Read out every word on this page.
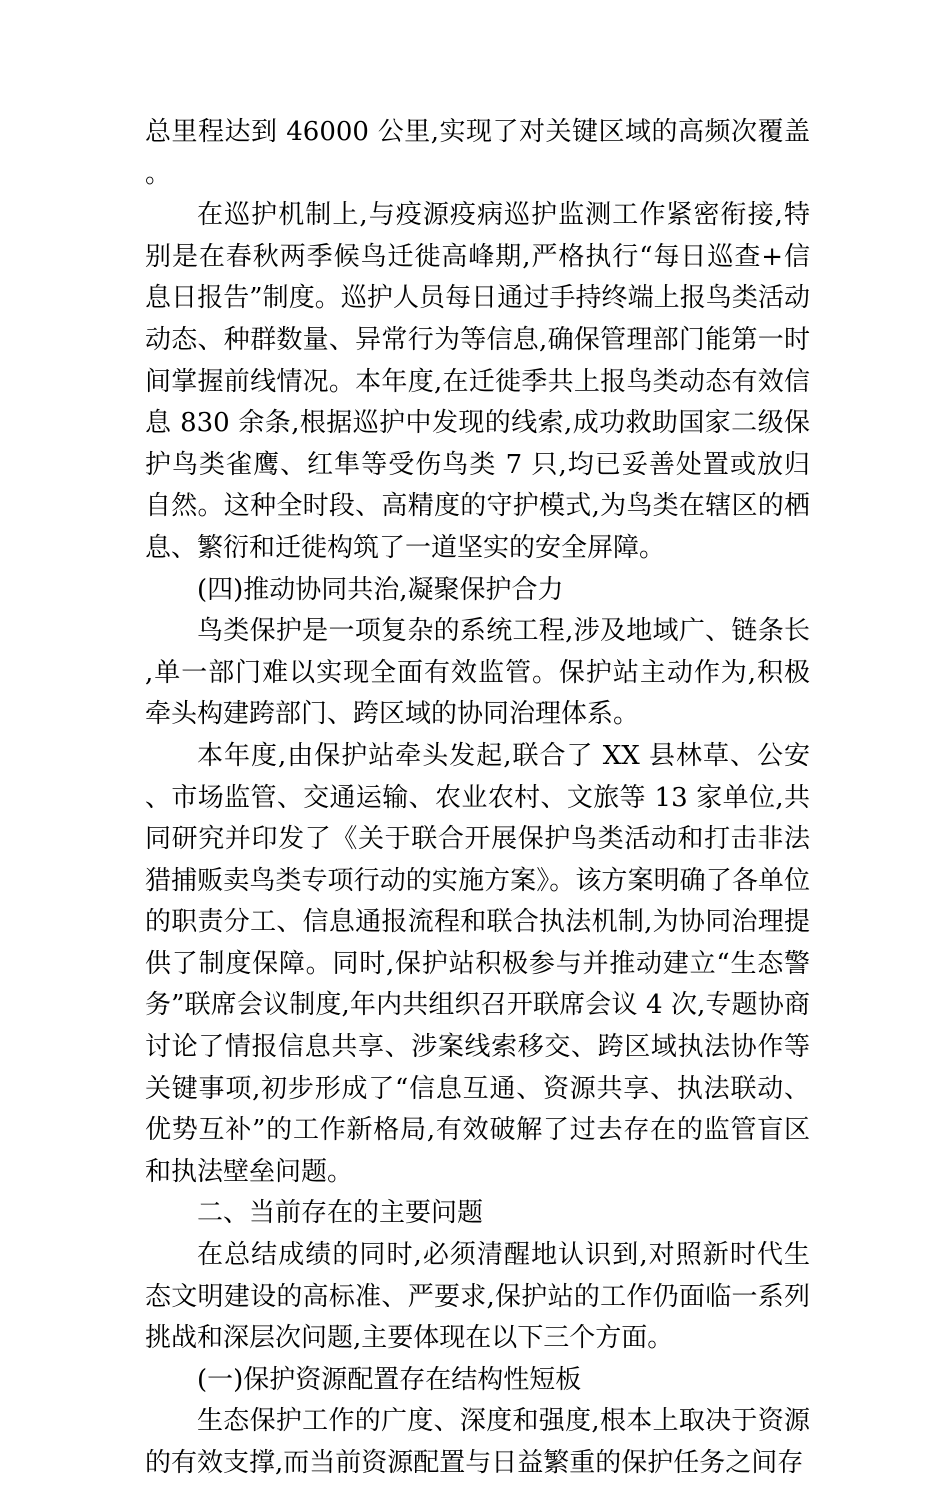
总里程达到 46000 公里,实现了对关键区域的高频次覆盖。

在巡护机制上,与疫源疫病巡护监测工作紧密衔接,特别是在春秋两季候鸟迁徙高峰期,严格执行“每日巡查+信息日报告”制度。巡护人员每日通过手持终端上报鸟类活动动态、种群数量、异常行为等信息,确保管理部门能第一时间掌握前线情况。本年度,在迁徙季共上报鸟类动态有效信息 830 余条,根据巡护中发现的线索,成功救助国家二级保护鸟类雀鹰、红隼等受伤鸟类 7 只,均已妥善处置或放归自然。这种全时段、高精度的守护模式,为鸟类在辖区的栖息、繁衍和迁徙构筑了一道坚实的安全屏障。

(四)推动协同共治,凝聚保护合力

鸟类保护是一项复杂的系统工程,涉及地域广、链条长,单一部门难以实现全面有效监管。保护站主动作为,积极牵头构建跨部门、跨区域的协同治理体系。

本年度,由保护站牵头发起,联合了 XX 县林草、公安、市场监管、交通运输、农业农村、文旅等 13 家单位,共同研究并印发了《关于联合开展保护鸟类活动和打击非法猎捕贩卖鸟类专项行动的实施方案》。该方案明确了各单位的职责分工、信息通报流程和联合执法机制,为协同治理提供了制度保障。同时,保护站积极参与并推动建立“生态警务”联席会议制度,年内共组织召开联席会议 4 次,专题协商讨论了情报信息共享、涉案线索移交、跨区域执法协作等关键事项,初步形成了“信息互通、资源共享、执法联动、优势互补”的工作新格局,有效破解了过去存在的监管盲区和执法壁垒问题。

二、当前存在的主要问题

在总结成绩的同时,必须清醒地认识到,对照新时代生态文明建设的高标准、严要求,保护站的工作仍面临一系列挑战和深层次问题,主要体现在以下三个方面。

(一)保护资源配置存在结构性短板

生态保护工作的广度、深度和强度,根本上取决于资源的有效支撑,而当前资源配置与日益繁重的保护任务之间存
